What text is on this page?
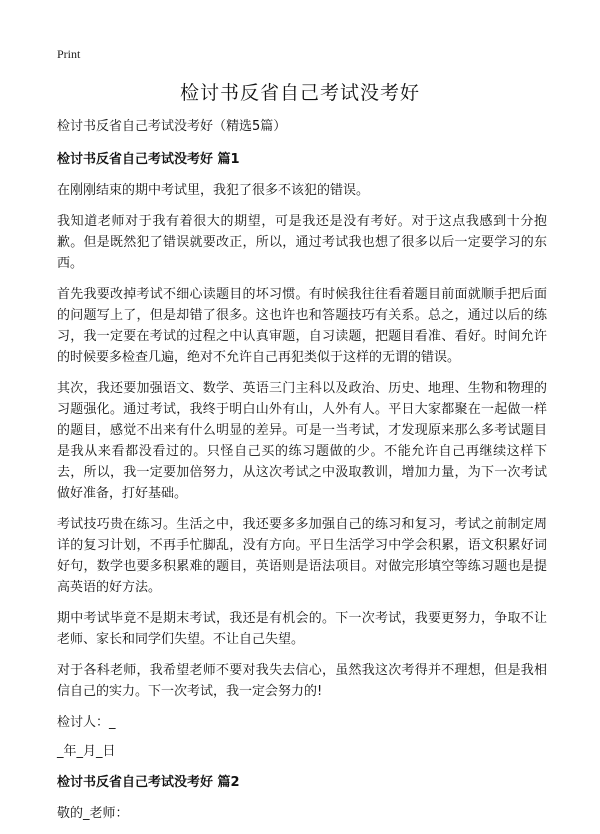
Print
检讨书反省自己考试没考好

检讨书反省自己考试没考好（精选5篇）

检讨书反省自己考试没考好 篇1

在刚刚结束的期中考试里，我犯了很多不该犯的错误。

我知道老师对于我有着很大的期望，可是我还是没有考好。对于这点我感到十分抱歉。但是既然犯了错误就要改正，所以，通过考试我也想了很多以后一定要学习的东西。

首先我要改掉考试不细心读题目的坏习惯。有时候我往往看着题目前面就顺手把后面的问题写上了，但是却错了很多。这也许也和答题技巧有关系。总之，通过以后的练习，我一定要在考试的过程之中认真审题，自习读题，把题目看准、看好。时间允许的时候要多检查几遍，绝对不允许自己再犯类似于这样的无谓的错误。

其次，我还要加强语文、数学、英语三门主科以及政治、历史、地理、生物和物理的习题强化。通过考试，我终于明白山外有山，人外有人。平日大家都聚在一起做一样的题目，感觉不出来有什么明显的差异。可是一当考试，才发现原来那么多考试题目是我从来看都没看过的。只怪自己买的练习题做的少。不能允许自己再继续这样下去，所以，我一定要加倍努力，从这次考试之中汲取教训，增加力量，为下一次考试做好准备，打好基础。

考试技巧贵在练习。生活之中，我还要多多加强自己的练习和复习，考试之前制定周详的复习计划，不再手忙脚乱，没有方向。平日生活学习中学会积累，语文积累好词好句，数学也要多积累难的题目，英语则是语法项目。对做完形填空等练习题也是提高英语的好方法。

期中考试毕竟不是期末考试，我还是有机会的。下一次考试，我要更努力，争取不让老师、家长和同学们失望。不让自己失望。

对于各科老师，我希望老师不要对我失去信心，虽然我这次考得并不理想，但是我相信自己的实力。下一次考试，我一定会努力的!

检讨人：_

_年_月_日

检讨书反省自己考试没考好 篇2

敬的_老师：
